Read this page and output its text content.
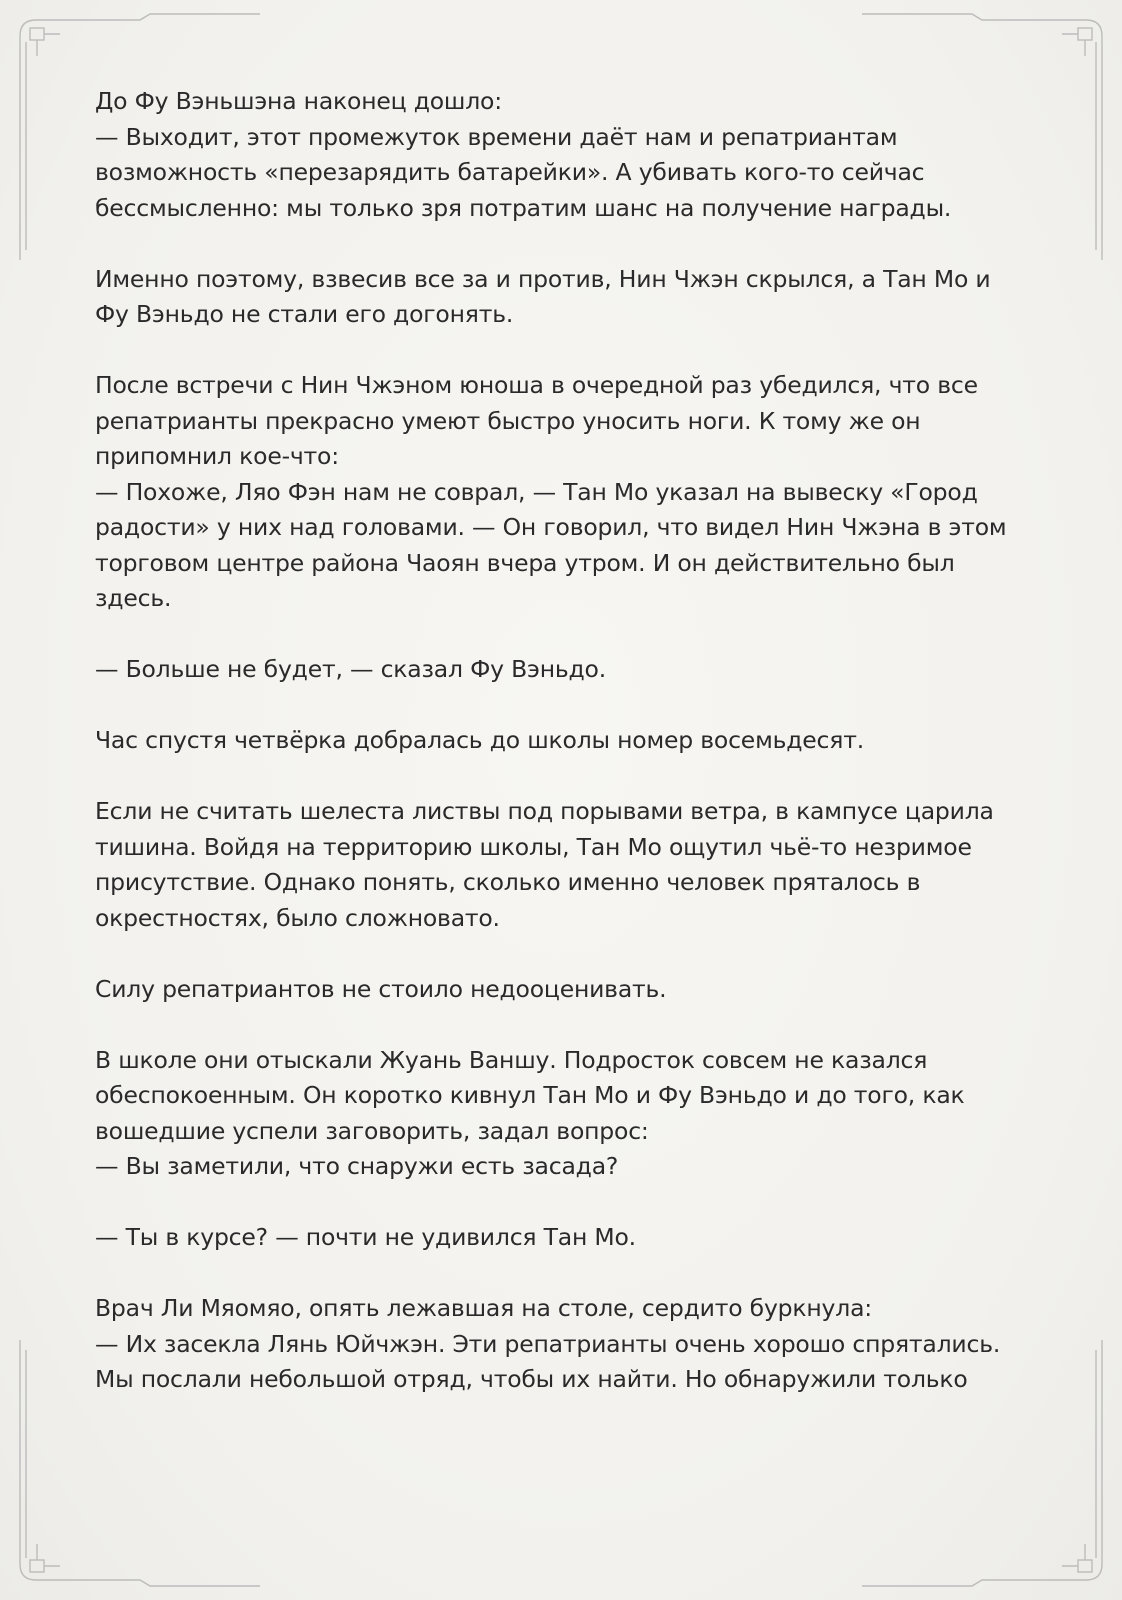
До Фу Вэньшэна наконец дошло:
— Выходит, этот промежуток времени даёт нам и репатриантам
возможность «перезарядить батарейки». А убивать кого-то сейчас
бессмысленно: мы только зря потратим шанс на получение награды.

Именно поэтому, взвесив все за и против, Нин Чжэн скрылся, а Тан Мо и
Фу Вэньдо не стали его догонять.

После встречи с Нин Чжэном юноша в очередной раз убедился, что все
репатрианты прекрасно умеют быстро уносить ноги. К тому же он
припомнил кое-что:
— Похоже, Ляо Фэн нам не соврал, — Тан Мо указал на вывеску «Город
радости» у них над головами. — Он говорил, что видел Нин Чжэна в этом
торговом центре района Чаоян вчера утром. И он действительно был
здесь.

— Больше не будет, — сказал Фу Вэньдо.

Час спустя четвёрка добралась до школы номер восемьдесят.

Если не считать шелеста листвы под порывами ветра, в кампусе царила
тишина. Войдя на территорию школы, Тан Мо ощутил чьё-то незримое
присутствие. Однако понять, сколько именно человек пряталось в
окрестностях, было сложновато.

Силу репатриантов не стоило недооценивать.

В школе они отыскали Жуань Ваншу. Подросток совсем не казался
обеспокоенным. Он коротко кивнул Тан Мо и Фу Вэньдо и до того, как
вошедшие успели заговорить, задал вопрос:
— Вы заметили, что снаружи есть засада?

— Ты в курсе? — почти не удивился Тан Мо.

Врач Ли Мяомяо, опять лежавшая на столе, сердито буркнула:
— Их засекла Лянь Юйчжэн. Эти репатрианты очень хорошо спрятались.
Мы послали небольшой отряд, чтобы их найти. Но обнаружили только
